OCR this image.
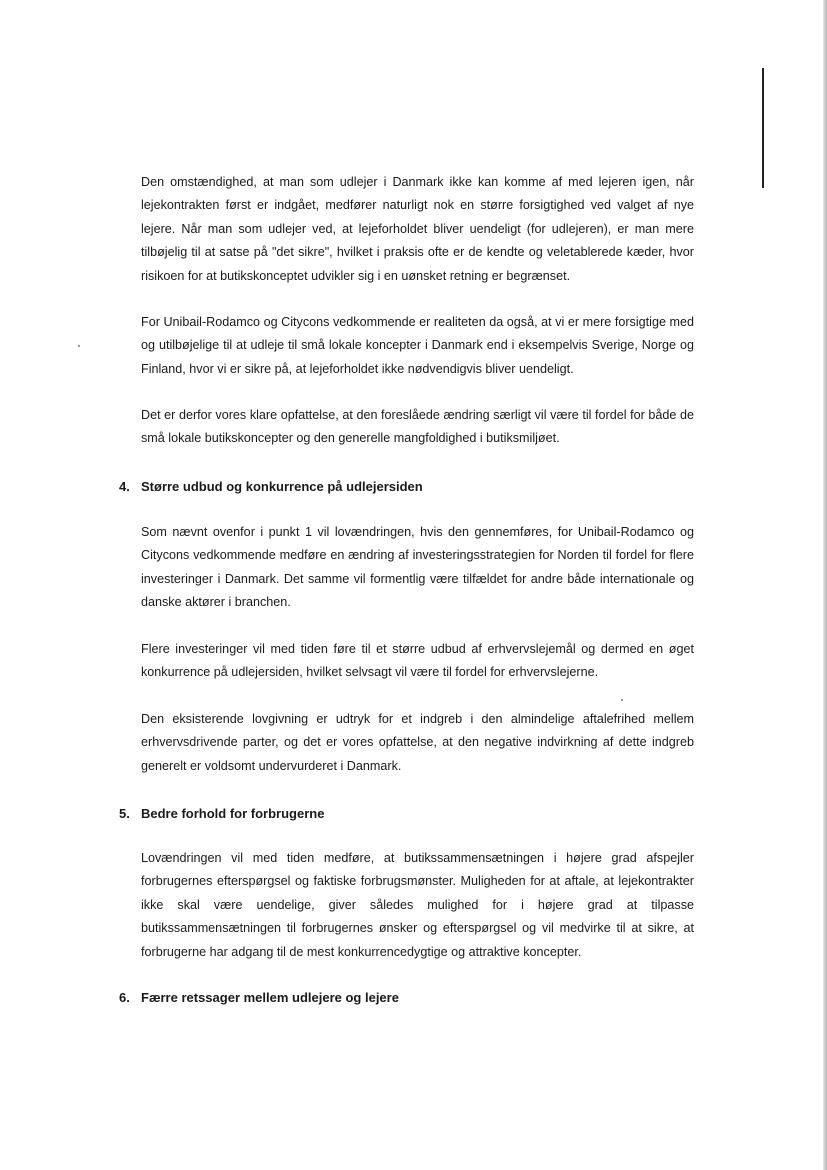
Den omstændighed, at man som udlejer i Danmark ikke kan komme af med lejeren igen, når lejekontrakten først er indgået, medfører naturligt nok en større forsigtighed ved valget af nye lejere. Når man som udlejer ved, at lejeforholdet bliver uendeligt (for udlejeren), er man mere tilbøjelig til at satse på "det sikre", hvilket i praksis ofte er de kendte og veletablerede kæder, hvor risikoen for at butikskonceptet udvikler sig i en uønsket retning er begrænset.

For Unibail-Rodamco og Citycons vedkommende er realiteten da også, at vi er mere forsigtige med og utilbøjelige til at udleje til små lokale koncepter i Danmark end i eksempelvis Sverige, Norge og Finland, hvor vi er sikre på, at lejeforholdet ikke nødvendigvis bliver uendeligt.

Det er derfor vores klare opfattelse, at den foreslåede ændring særligt vil være til fordel for både de små lokale butikskoncepter og den generelle mangfoldighed i butiksmiljøet.

4. Større udbud og konkurrence på udlejersiden

Som nævnt ovenfor i punkt 1 vil lovændringen, hvis den gennemføres, for Unibail-Rodamco og Citycons vedkommende medføre en ændring af investeringsstrategien for Norden til fordel for flere investeringer i Danmark. Det samme vil formentlig være tilfældet for andre både internationale og danske aktører i branchen.

Flere investeringer vil med tiden føre til et større udbud af erhvervslejemål og dermed en øget konkurrence på udlejersiden, hvilket selvsagt vil være til fordel for erhvervslejerne.

Den eksisterende lovgivning er udtryk for et indgreb i den almindelige aftalefrihed mellem erhvervsdrivende parter, og det er vores opfattelse, at den negative indvirkning af dette indgreb generelt er voldsomt undervurderet i Danmark.

5. Bedre forhold for forbrugerne

Lovændringen vil med tiden medføre, at butikssammensætningen i højere grad afspejler forbrugernes efterspørgsel og faktiske forbrugsmønster. Muligheden for at aftale, at lejekontrakter ikke skal være uendelige, giver således mulighed for i højere grad at tilpasse butikssammensætningen til forbrugernes ønsker og efterspørgsel og vil medvirke til at sikre, at forbrugerne har adgang til de mest konkurrencedygtige og attraktive koncepter.

6. Færre retssager mellem udlejere og lejere
